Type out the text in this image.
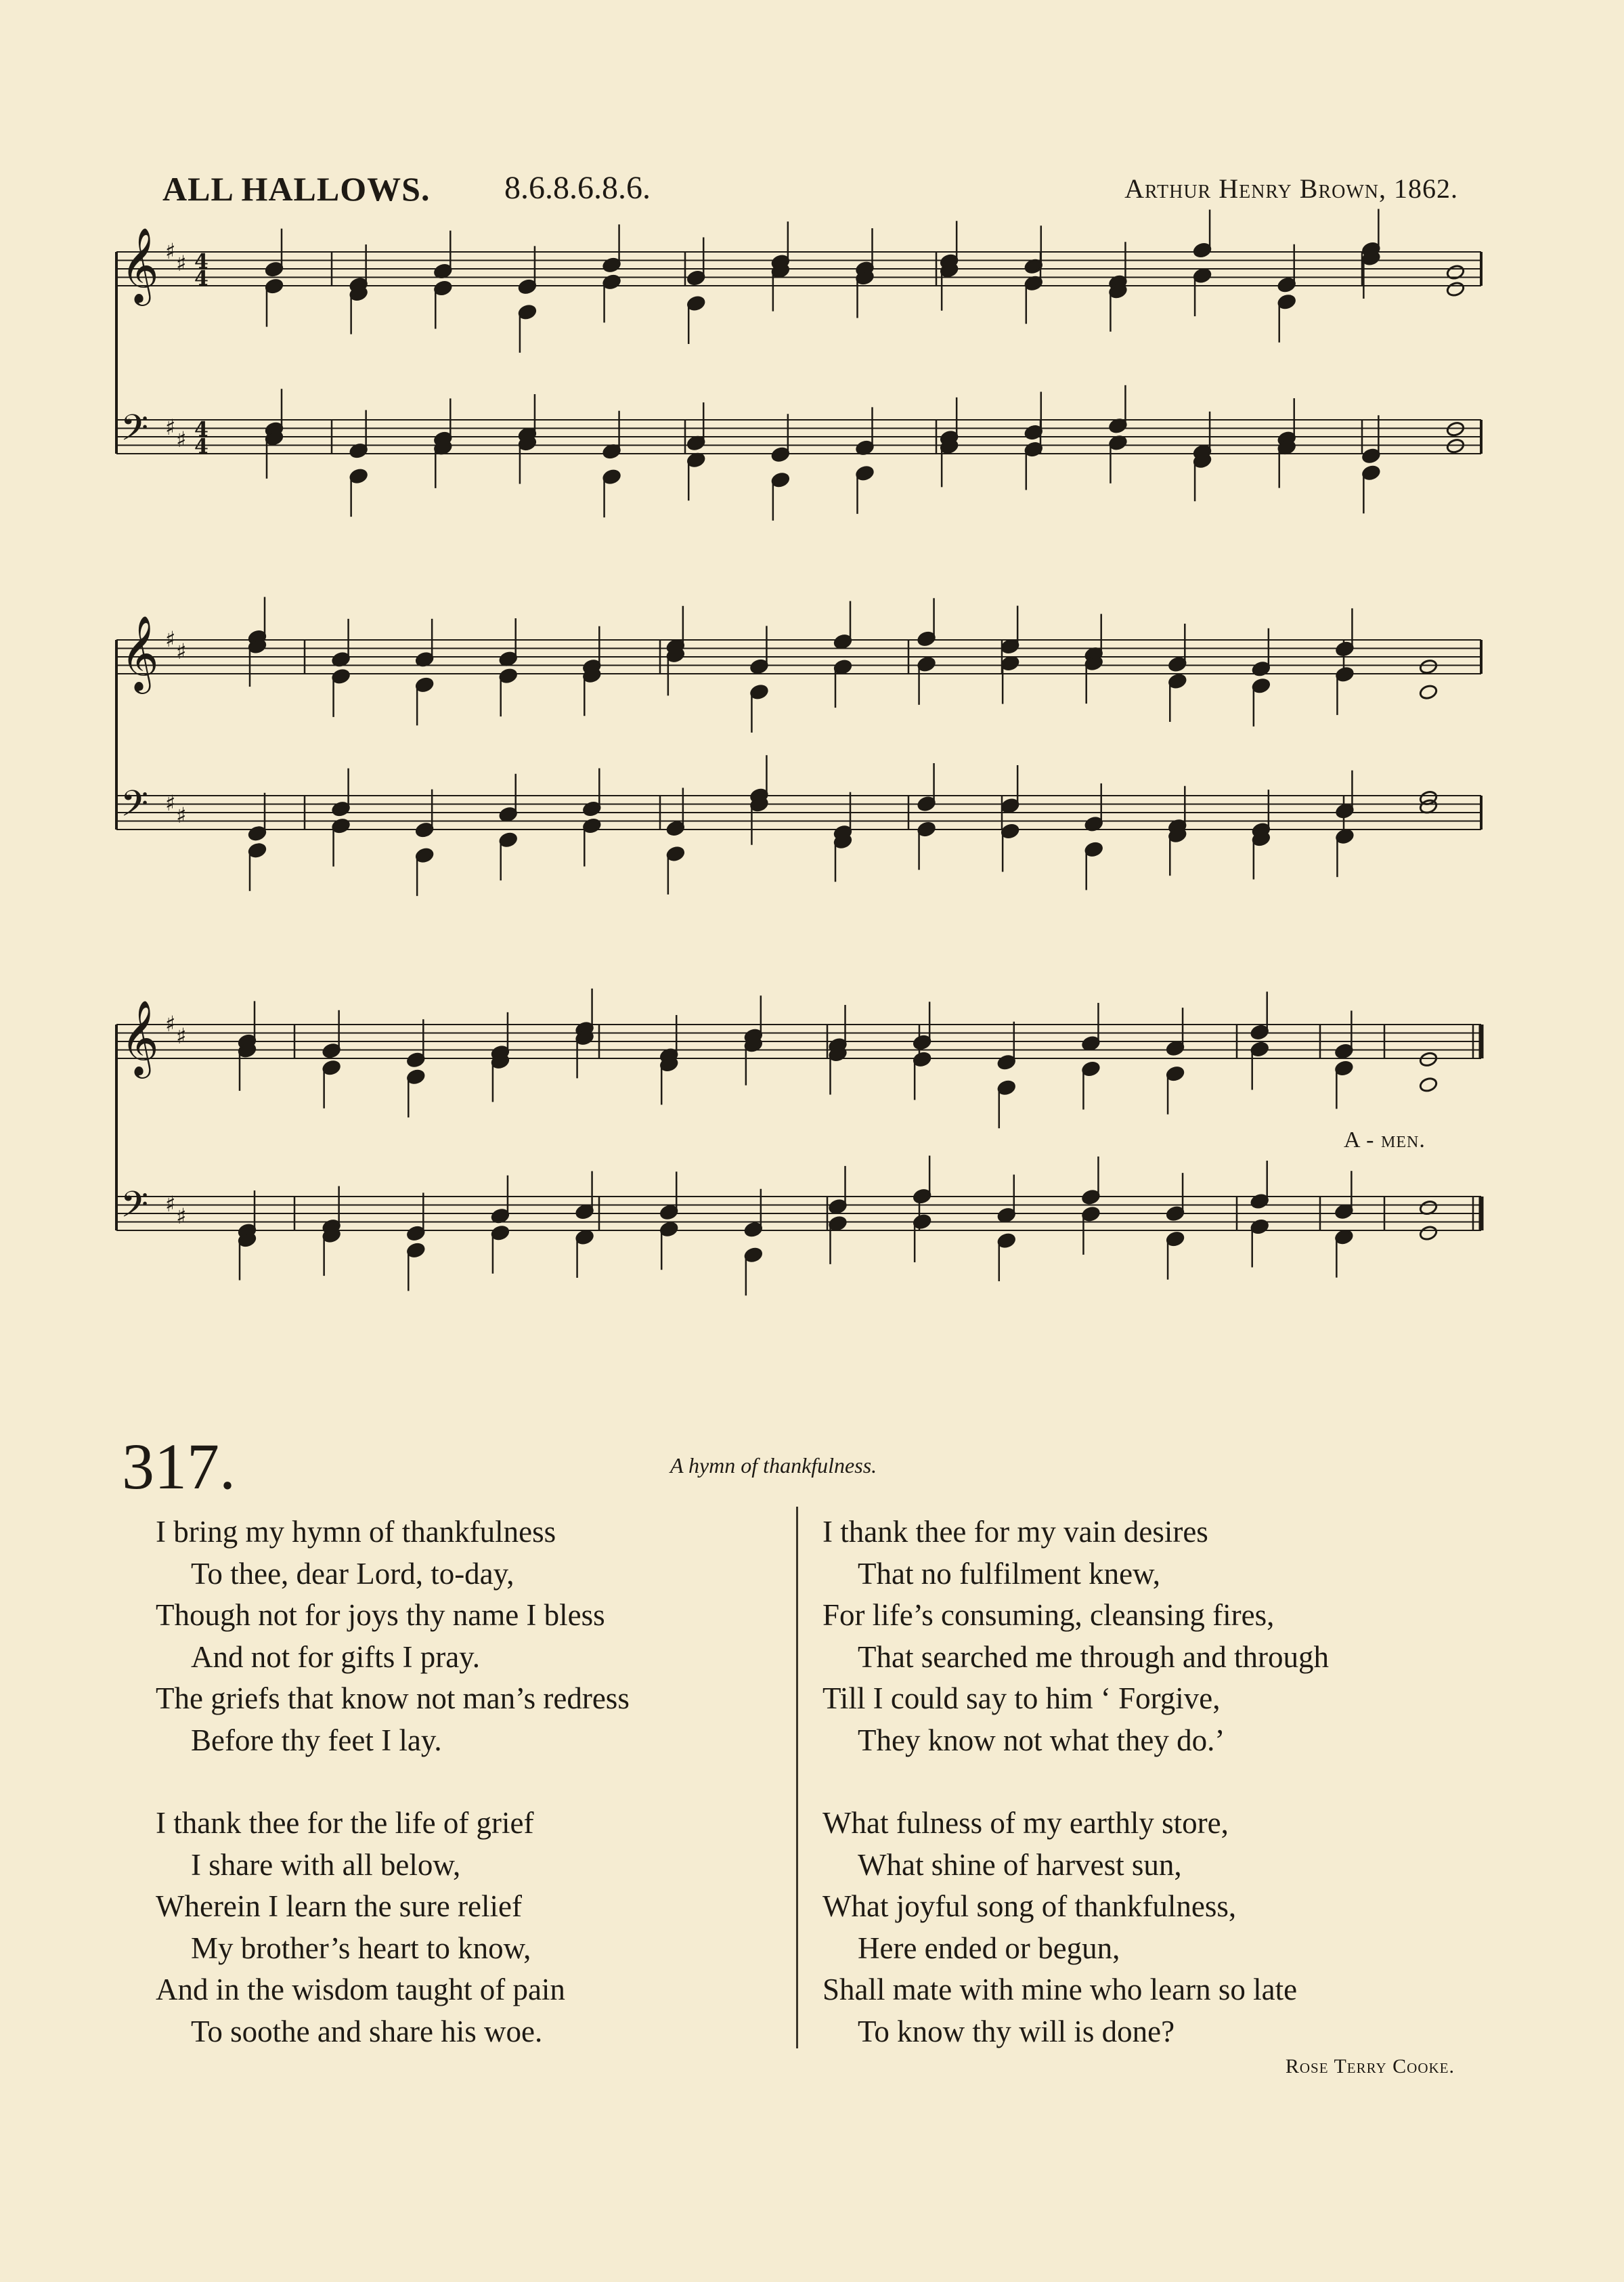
ALL HALLOWS. 8.6.8.6.8.6.	Arthur Henry Brown, 1862.
𝄞 ♯ ♯ 4
4
𝄢 ♯ ♯ 4
4
𝄞 ♯ ♯
𝄢 ♯ ♯
𝄞 ♯ ♯
𝄢 ♯ ♯
A - men.
317.	A hymn of thankfulness.
I bring my hymn of thankfulness
To thee, dear Lord, to-day,
Though not for joys thy name I bless
And not for gifts I pray.
The griefs that know not man’s redress
Before thy feet I lay.
I thank thee for the life of grief
I share with all below,
Wherein I learn the sure relief
My brother’s heart to know,
And in the wisdom taught of pain
To soothe and share his woe.
I thank thee for my vain desires
That no fulfilment knew,
For life’s consuming, cleansing fires,
That searched me through and through
Till I could say to him ‘ Forgive,
They know not what they do.’
What fulness of my earthly store,
What shine of harvest sun,
What joyful song of thankfulness,
Here ended or begun,
Shall mate with mine who learn so late
To know thy will is done?
Rose Terry Cooke.
